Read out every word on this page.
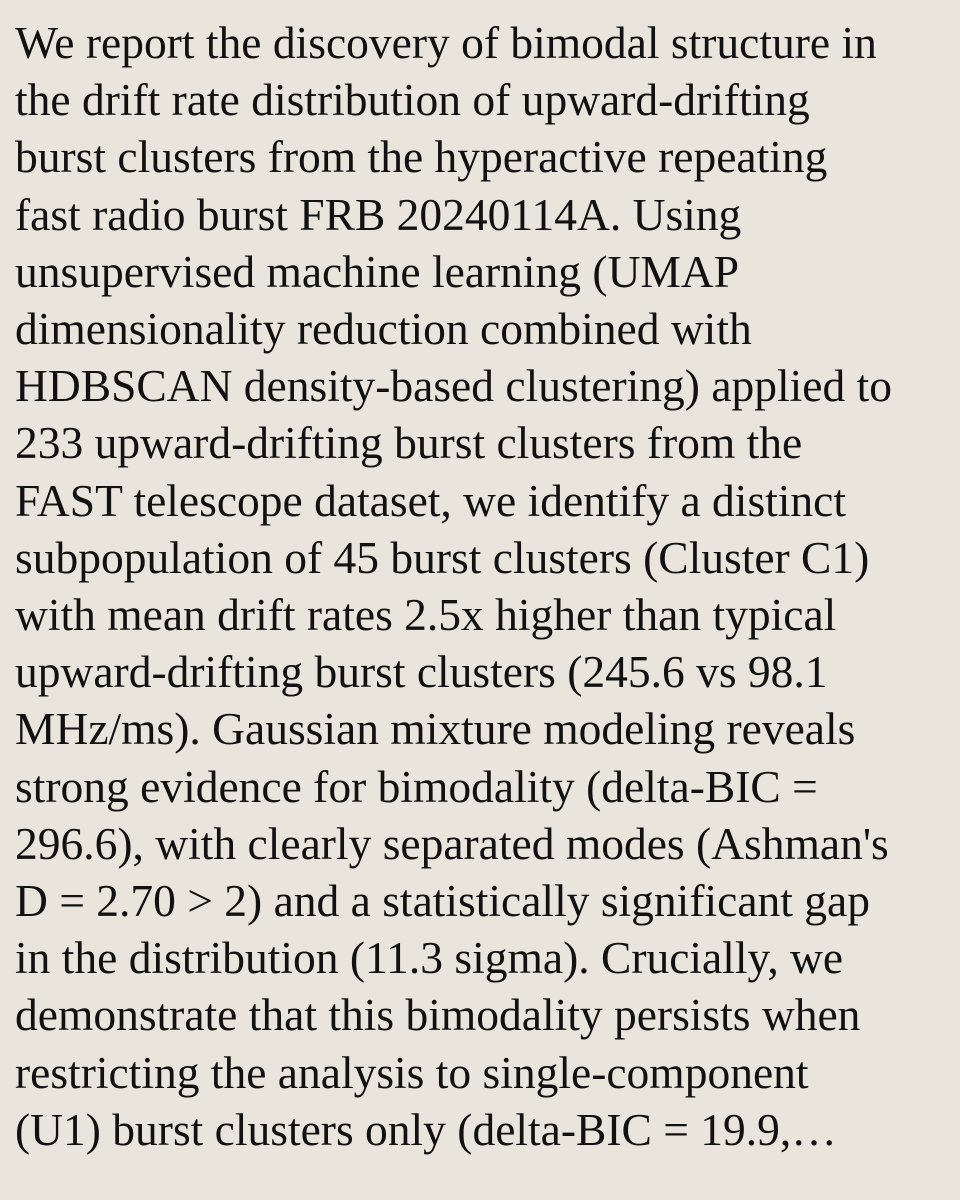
We report the discovery of bimodal structure in
the drift rate distribution of upward-drifting
burst clusters from the hyperactive repeating
fast radio burst FRB 20240114A. Using
unsupervised machine learning (UMAP
dimensionality reduction combined with
HDBSCAN density-based clustering) applied to
233 upward-drifting burst clusters from the
FAST telescope dataset, we identify a distinct
subpopulation of 45 burst clusters (Cluster C1)
with mean drift rates 2.5x higher than typical
upward-drifting burst clusters (245.6 vs 98.1
MHz/ms). Gaussian mixture modeling reveals
strong evidence for bimodality (delta-BIC =
296.6), with clearly separated modes (Ashman's
D = 2.70 > 2) and a statistically significant gap
in the distribution (11.3 sigma). Crucially, we
demonstrate that this bimodality persists when
restricting the analysis to single-component
(U1) burst clusters only (delta-BIC = 19.9,…
